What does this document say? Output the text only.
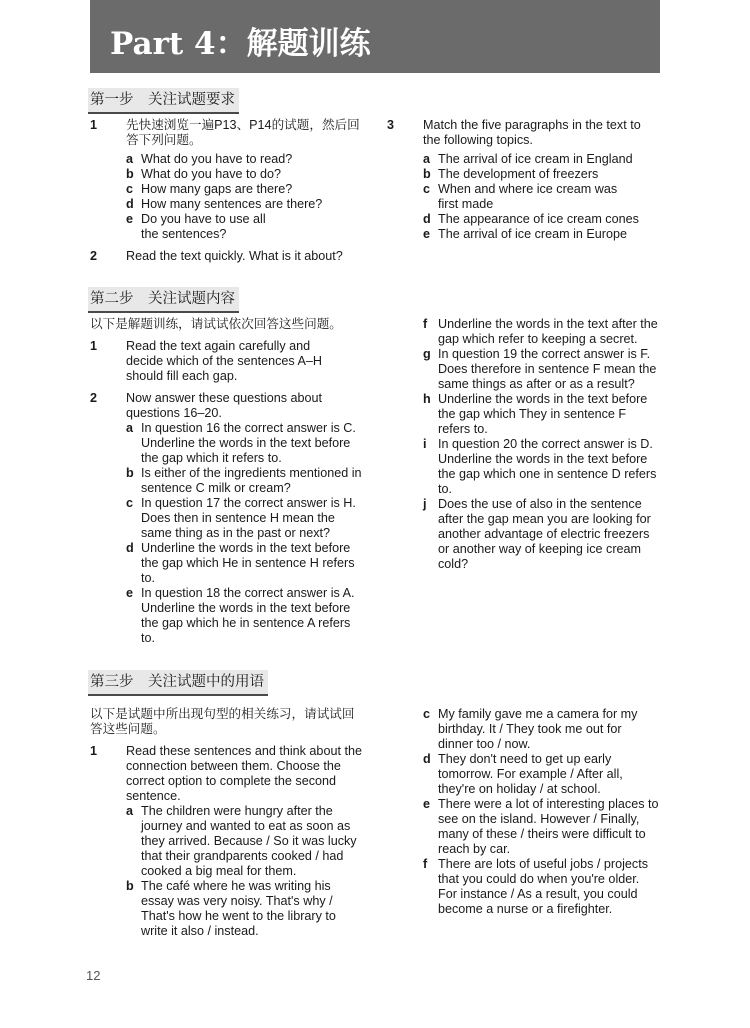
Part 4：解题训练
第一步　关注试题要求
1	先快速浏览一遍P13、P14的试题，然后回答下列问题。
a What do you have to read?
b What do you have to do?
c How many gaps are there?
d How many sentences are there?
e Do you have to use all the sentences?
2	Read the text quickly. What is it about?
3	Match the five paragraphs in the text to the following topics.
a The arrival of ice cream in England
b The development of freezers
c When and where ice cream was first made
d The appearance of ice cream cones
e The arrival of ice cream in Europe
第二步　关注试题内容
以下是解题训练，请试试依次回答这些问题。
1	Read the text again carefully and decide which of the sentences A–H should fill each gap.
2	Now answer these questions about questions 16–20.
a In question 16 the correct answer is C. Underline the words in the text before the gap which it refers to.
b Is either of the ingredients mentioned in sentence C milk or cream?
c In question 17 the correct answer is H. Does then in sentence H mean the same thing as in the past or next?
d Underline the words in the text before the gap which He in sentence H refers to.
e In question 18 the correct answer is A. Underline the words in the text before the gap which he in sentence A refers to.
f Underline the words in the text after the gap which refer to keeping a secret.
g In question 19 the correct answer is F. Does therefore in sentence F mean the same things as after or as a result?
h Underline the words in the text before the gap which They in sentence F refers to.
i In question 20 the correct answer is D. Underline the words in the text before the gap which one in sentence D refers to.
j Does the use of also in the sentence after the gap mean you are looking for another advantage of electric freezers or another way of keeping ice cream cold?
第三步　关注试题中的用语
以下是试题中所出现句型的相关练习，请试试回答这些问题。
1	Read these sentences and think about the connection between them. Choose the correct option to complete the second sentence.
a The children were hungry after the journey and wanted to eat as soon as they arrived. Because / So it was lucky that their grandparents cooked / had cooked a big meal for them.
b The café where he was writing his essay was very noisy. That's why / That's how he went to the library to write it also / instead.
c My family gave me a camera for my birthday. It / They took me out for dinner too / now.
d They don't need to get up early tomorrow. For example / After all, they're on holiday / at school.
e There were a lot of interesting places to see on the island. However / Finally, many of these / theirs were difficult to reach by car.
f There are lots of useful jobs / projects that you could do when you're older. For instance / As a result, you could become a nurse or a firefighter.
12
